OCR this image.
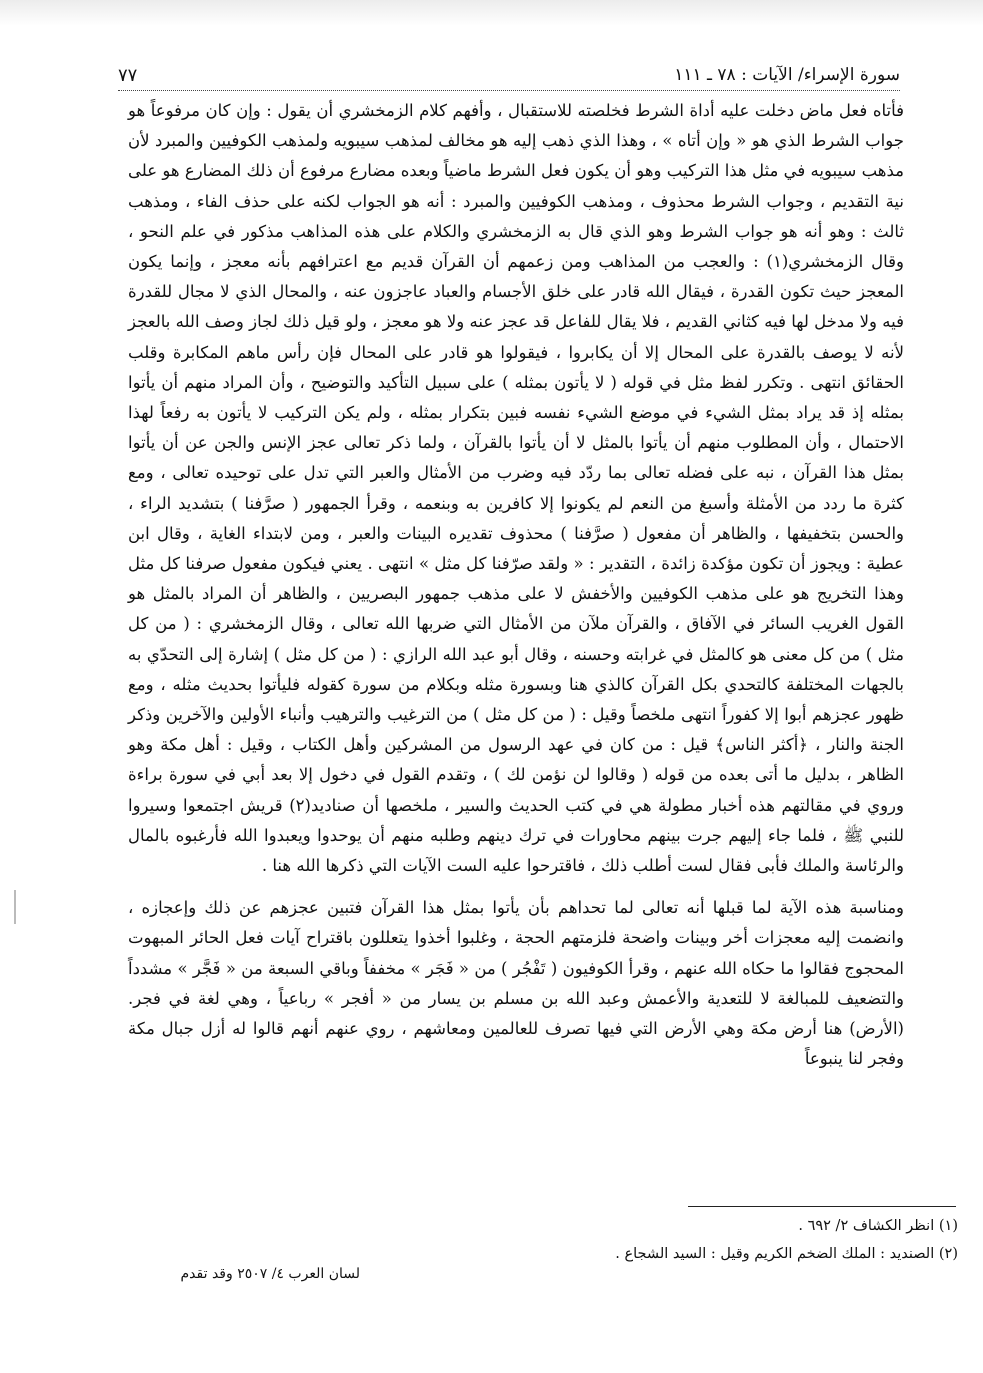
سورة الإسراء/ الآيات : ٧٨ ـ ١١١
٧٧

فأتاه فعل ماض دخلت عليه أداة الشرط فخلصته للاستقبال ، وأفهم كلام الزمخشري أن يقول : وإن كان مرفوعاً هو جواب الشرط الذي هو « وإن أتاه » ، وهذا الذي ذهب إليه هو مخالف لمذهب سيبويه ولمذهب الكوفيين والمبرد لأن مذهب سيبويه في مثل هذا التركيب وهو أن يكون فعل الشرط ماضياً وبعده مضارع مرفوع أن ذلك المضارع هو على نية التقديم ، وجواب الشرط محذوف ، ومذهب الكوفيين والمبرد : أنه هو الجواب لكنه على حذف الفاء ، ومذهب ثالث : وهو أنه هو جواب الشرط وهو الذي قال به الزمخشري والكلام على هذه المذاهب مذكور في علم النحو ، وقال الزمخشري(١) : والعجب من المذاهب ومن زعمهم أن القرآن قديم مع اعترافهم بأنه معجز ، وإنما يكون المعجز حيث تكون القدرة ، فيقال الله قادر على خلق الأجسام والعباد عاجزون عنه ، والمحال الذي لا مجال للقدرة فيه ولا مدخل لها فيه كثاني القديم ، فلا يقال للفاعل قد عجز عنه ولا هو معجز ، ولو قيل ذلك لجاز وصف الله بالعجز لأنه لا يوصف بالقدرة على المحال إلا أن يكابروا ، فيقولوا هو قادر على المحال فإن رأس ماهم المكابرة وقلب الحقائق انتهى . وتكرر لفظ مثل في قوله ( لا يأتون بمثله ) على سبيل التأكيد والتوضيح ، وأن المراد منهم أن يأتوا بمثله إذ قد يراد بمثل الشيء في موضع الشيء نفسه فبين بتكرار بمثله ، ولم يكن التركيب لا يأتون به رفعاً لهذا الاحتمال ، وأن المطلوب منهم أن يأتوا بالمثل لا أن يأتوا بالقرآن ، ولما ذكر تعالى عجز الإنس والجن عن أن يأتوا بمثل هذا القرآن ، نبه على فضله تعالى بما ردّد فيه وضرب من الأمثال والعبر التي تدل على توحيده تعالى ، ومع كثرة ما ردد من الأمثلة وأسبغ من النعم لم يكونوا إلا كافرين به وبنعمه ، وقرأ الجمهور ( صرَّفنا ) بتشديد الراء ، والحسن بتخفيفها ، والظاهر أن مفعول ( صرَّفنا ) محذوف تقديره البينات والعبر ، ومن لابتداء الغاية ، وقال ابن عطية : ويجوز أن تكون مؤكدة زائدة ، التقدير : « ولقد صرّفنا كل مثل » انتهى . يعني فيكون مفعول صرفنا كل مثل وهذا التخريج هو على مذهب الكوفيين والأخفش لا على مذهب جمهور البصريين ، والظاهر أن المراد بالمثل هو القول الغريب السائر في الآفاق ، والقرآن ملآن من الأمثال التي ضربها الله تعالى ، وقال الزمخشري : ( من كل مثل ) من كل معنى هو كالمثل في غرابته وحسنه ، وقال أبو عبد الله الرازي : ( من كل مثل ) إشارة إلى التحدّي به بالجهات المختلفة كالتحدي بكل القرآن كالذي هنا وبسورة مثله وبكلام من سورة كقوله فليأتوا بحديث مثله ، ومع ظهور عجزهم أبوا إلا كفوراً انتهى ملخصاً وقيل : ( من كل مثل ) من الترغيب والترهيب وأنباء الأولين والآخرين وذكر الجنة والنار ، ﴿أكثر الناس﴾ قيل : من كان في عهد الرسول من المشركين وأهل الكتاب ، وقيل : أهل مكة وهو الظاهر ، بدليل ما أتى بعده من قوله ( وقالوا لن نؤمن لك ) ، وتقدم القول في دخول إلا بعد أبي في سورة براءة وروي في مقالتهم هذه أخبار مطولة هي في كتب الحديث والسير ، ملخصها أن صناديد(٢) قريش اجتمعوا وسيروا للنبي ﷺ ، فلما جاء إليهم جرت بينهم محاورات في ترك دينهم وطلبه منهم أن يوحدوا ويعبدوا الله فأرغبوه بالمال والرئاسة والملك فأبى فقال لست أطلب ذلك ، فاقترحوا عليه الست الآيات التي ذكرها الله هنا .

ومناسبة هذه الآية لما قبلها أنه تعالى لما تحداهم بأن يأتوا بمثل هذا القرآن فتبين عجزهم عن ذلك وإعجازه ، وانضمت إليه معجزات أخر وبينات واضحة فلزمتهم الحجة ، وغلبوا أخذوا يتعللون باقتراح آيات فعل الحائر المبهوت المحجوج فقالوا ما حكاه الله عنهم ، وقرأ الكوفيون ( تَفْجُر ) من « فَجَر » مخففاً وباقي السبعة من « فَجَّر » مشدداً والتضعيف للمبالغة لا للتعدية والأعمش وعبد الله بن مسلم بن يسار من « أفجر » رباعياً ، وهي لغة في فجر. (الأرض) هنا أرض مكة وهي الأرض التي فيها تصرف للعالمين ومعاشهم ، روي عنهم أنهم قالوا له أزل جبال مكة وفجر لنا ينبوعاً

(١) انظر الكشاف ٢/ ٦٩٢ .
(٢) الصنديد : الملك الضخم الكريم وقيل : السيد الشجاع .
لسان العرب ٤/ ٢٥٠٧ وقد تقدم
